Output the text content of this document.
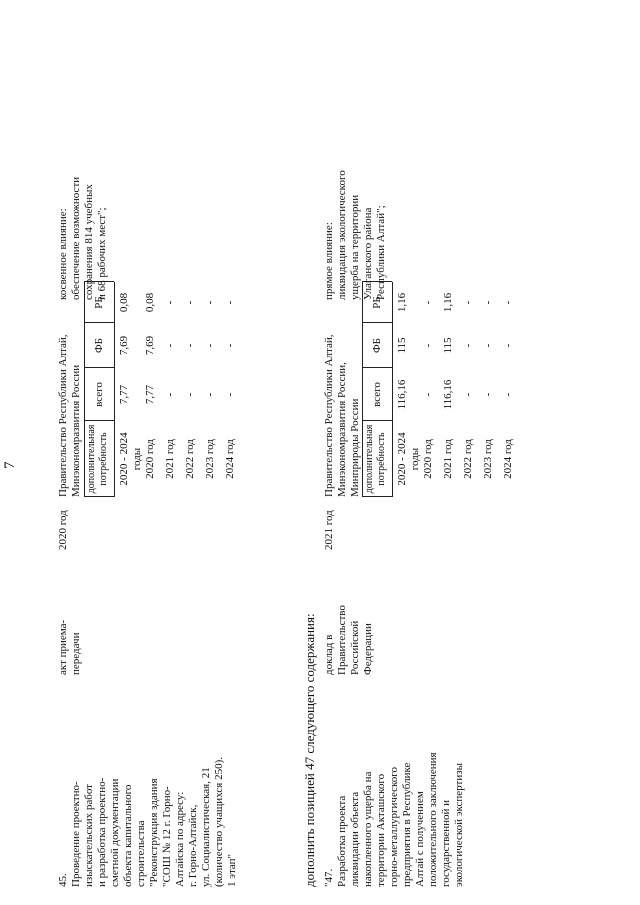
7
45. Проведение проектно- изыскательских работ и разработка проектно- сметной документации объекта капитального строительства "Реконструкция здания "СОШ № 12 г. Горно- Алтайска по адресу: г. Горно-Алтайск, ул. Социалистическая, 21 (количество учащихся 250). 1 этап"
акт приема- передачи
2020 год
Правительство Республики Алтай, Минэкономразвития России дополнительная потребность
всего
ФБ
РБ
2020 - 2024 годы
7,77
7,69
0,08
2020 год
7,77
7,69
0,08
2021 год
-
-
-
2022 год
-
-
-
2023 год
-
-
-
2024 год
-
-
-
косвенное влияние: обеспечение возможности сохранения 814 учебных и 68 рабочих мест";
дополнить позицией 47 следующего содержания: "47. Разработка проекта ликвидации объекта накопленного ущерба на территории Акташского горно-металлургического предприятия в Республике Алтай с получением положительного заключения государственной и экологической экспертизы
доклад в Правительство Российской Федерации
2021 год
Правительство Республики Алтай, Минэкономразвития России, Минприроды России дополнительная потребность
всего
ФБ
РБ
2020 - 2024 годы
116,16
115
1,16
2020 год
-
-
-
2021 год
116,16
115
1,16
2022 год
-
-
-
2023 год
-
-
-
2024 год
-
-
-
прямое влияние: ликвидация экологического ущерба на территории Улаганского района Республики Алтай";
